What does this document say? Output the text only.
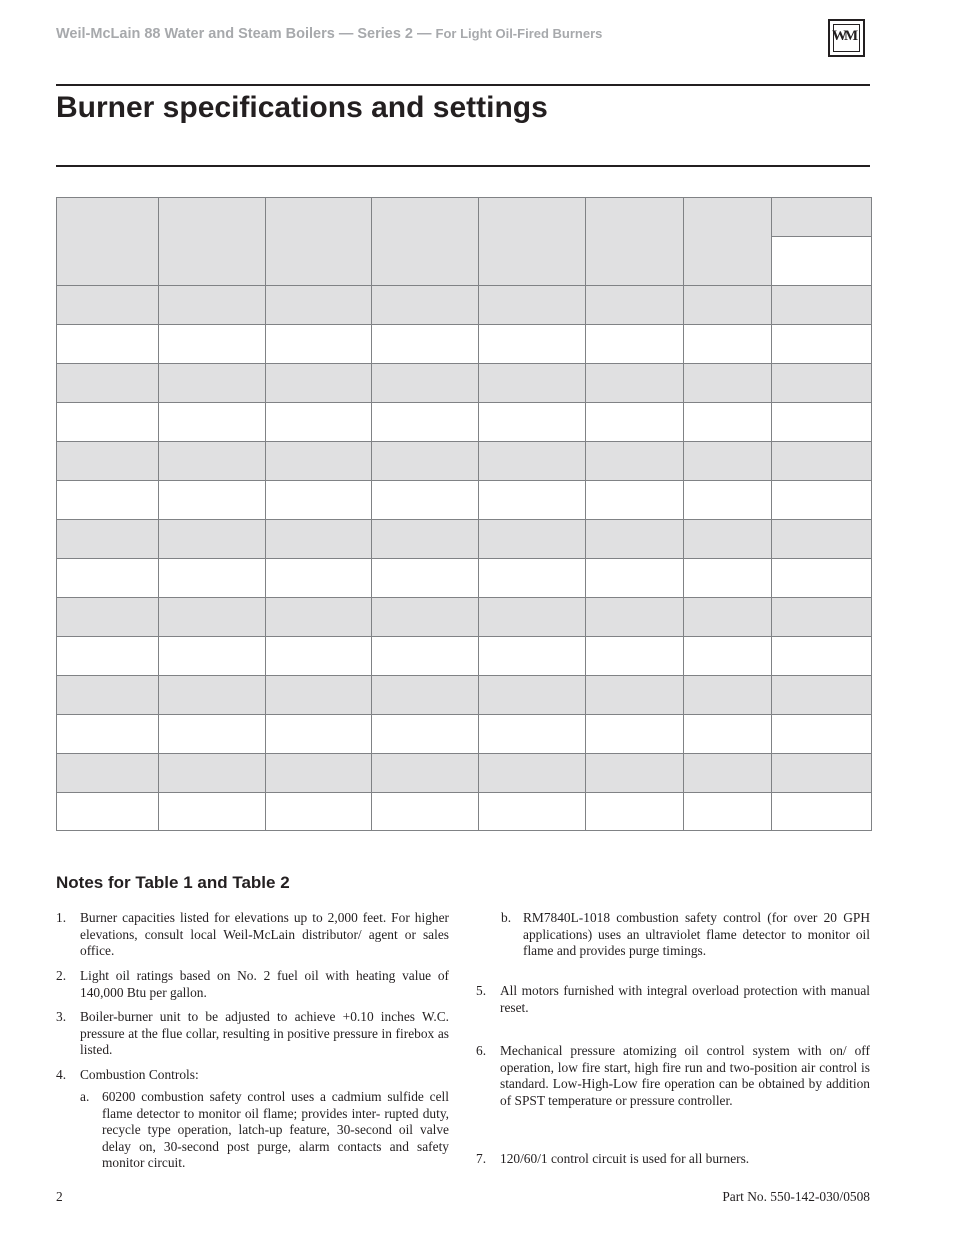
Weil-McLain 88 Water and Steam Boilers — Series 2 — For Light Oil-Fired Burners	WM
Burner specifications and settings

Notes for Table 1 and Table 2
1. Burner capacities listed for elevations up to 2,000 feet. For higher elevations, consult local Weil-McLain distributor/ agent or sales office.
2. Light oil ratings based on No. 2 fuel oil with heating value of 140,000 Btu per gallon.
3. Boiler-burner unit to be adjusted to achieve +0.10 inches W.C. pressure at the flue collar, resulting in positive pressure in firebox as listed.
4. Combustion Controls:
a. 60200 combustion safety control uses a cadmium sulfide cell flame detector to monitor oil flame; provides inter- rupted duty, recycle type operation, latch-up feature, 30-second oil valve delay on, 30-second post purge, alarm contacts and safety monitor circuit.
b. RM7840L-1018 combustion safety control (for over 20 GPH applications) uses an ultraviolet flame detector to monitor oil flame and provides purge timings.
5. All motors furnished with integral overload protection with manual reset.
6. Mechanical pressure atomizing oil control system with on/ off operation, low fire start, high fire run and two-position air control is standard. Low-High-Low fire operation can be obtained by addition of SPST temperature or pressure controller.
7. 120/60/1 control circuit is used for all burners.
2	Part No. 550-142-030/0508
